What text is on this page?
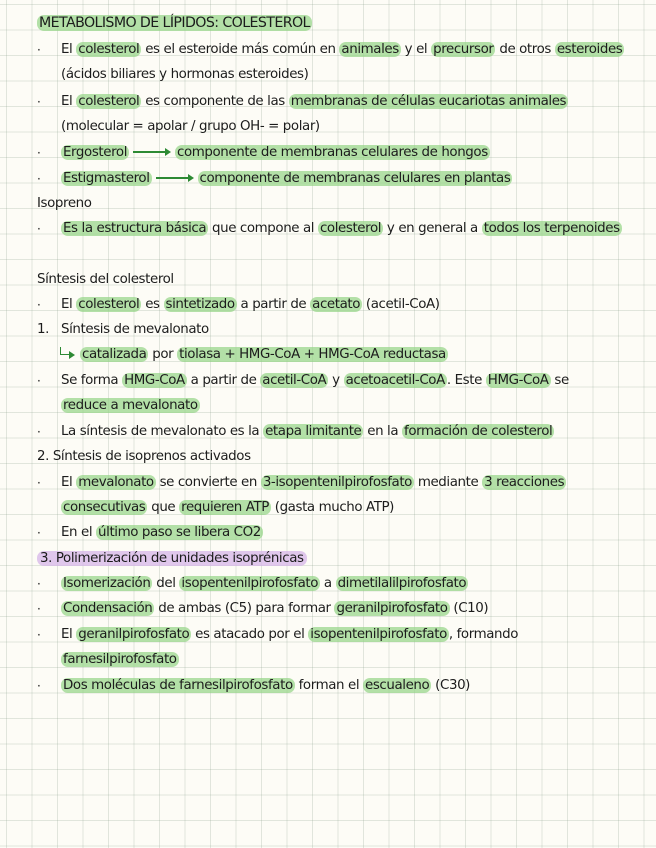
METABOLISMO DE LÍPIDOS: COLESTEROL
· El colesterol es el esteroide más común en animales y el precursor de otros esteroides
(ácidos biliares y hormonas esteroides)
· El colesterol es componente de las membranas de células eucariotas animales
(molecular = apolar / grupo OH- = polar)
· Ergosterol	componente de membranas celulares de hongos
· Estigmasterol	componente de membranas celulares en plantas
Isopreno
· Es la estructura básica que compone al colesterol y en general a todos los terpenoides
Síntesis del colesterol
· El colesterol es sintetizado a partir de acetato (acetil-CoA)
1. Síntesis de mevalonato
catalizada por tiolasa + HMG-CoA + HMG-CoA reductasa
· Se forma HMG-CoA a partir de acetil-CoA y acetoacetil-CoA . Este HMG-CoA se
reduce a mevalonato
· La síntesis de mevalonato es la etapa limitante en la formación de colesterol
2. Síntesis de isoprenos activados
· El mevalonato se convierte en 3-isopentenilpirofosfato mediante 3 reacciones
consecutivas que requieren ATP (gasta mucho ATP)
· En el último paso se libera CO2
3. Polimerización de unidades isoprénicas
· Isomerización del isopentenilpirofosfato a dimetilalilpirofosfato
· Condensación de ambas (C5) para formar geranilpirofosfato (C10)
· El geranilpirofosfato es atacado por el isopentenilpirofosfato , formando
farnesilpirofosfato
· Dos moléculas de farnesilpirofosfato forman el escualeno (C30)
